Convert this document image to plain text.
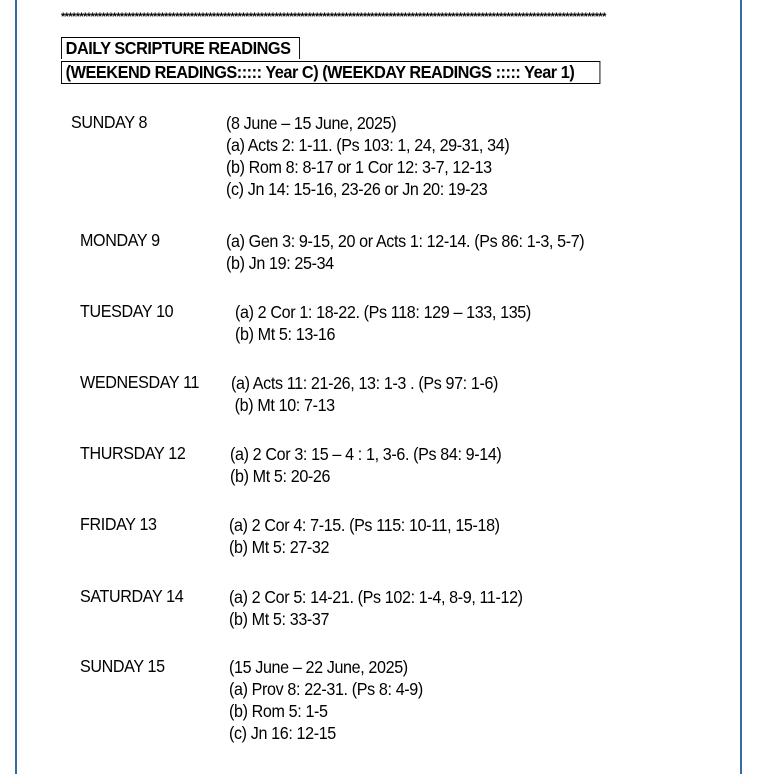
****************************************************************************************************************************************************
DAILY SCRIPTURE READINGS
(WEEKEND READINGS::::: Year C) (WEEKDAY READINGS ::::: Year 1)
SUNDAY 8	(8 June – 15 June, 2025)
(a) Acts 2: 1-11. (Ps 103: 1, 24, 29-31, 34)
(b) Rom 8: 8-17 or 1 Cor 12: 3-7, 12-13
(c) Jn 14: 15-16, 23-26 or Jn 20: 19-23
MONDAY 9	(a) Gen 3: 9-15, 20 or Acts 1: 12-14. (Ps 86: 1-3, 5-7)
(b) Jn 19: 25-34
TUESDAY 10	(a) 2 Cor 1: 18-22. (Ps 118: 129 – 133, 135)
(b) Mt 5: 13-16
WEDNESDAY 11 (a) Acts 11: 21-26, 13: 1-3 . (Ps 97: 1-6)
(b) Mt 10: 7-13
THURSDAY 12	(a) 2 Cor 3: 15 – 4 : 1, 3-6. (Ps 84: 9-14)
(b) Mt 5: 20-26
FRIDAY 13	(a) 2 Cor 4: 7-15. (Ps 115: 10-11, 15-18)
(b) Mt 5: 27-32
SATURDAY 14	(a) 2 Cor 5: 14-21. (Ps 102: 1-4, 8-9, 11-12)
(b) Mt 5: 33-37
SUNDAY 15	(15 June – 22 June, 2025)
(a) Prov 8: 22-31. (Ps 8: 4-9)
(b) Rom 5: 1-5
(c) Jn 16: 12-15
